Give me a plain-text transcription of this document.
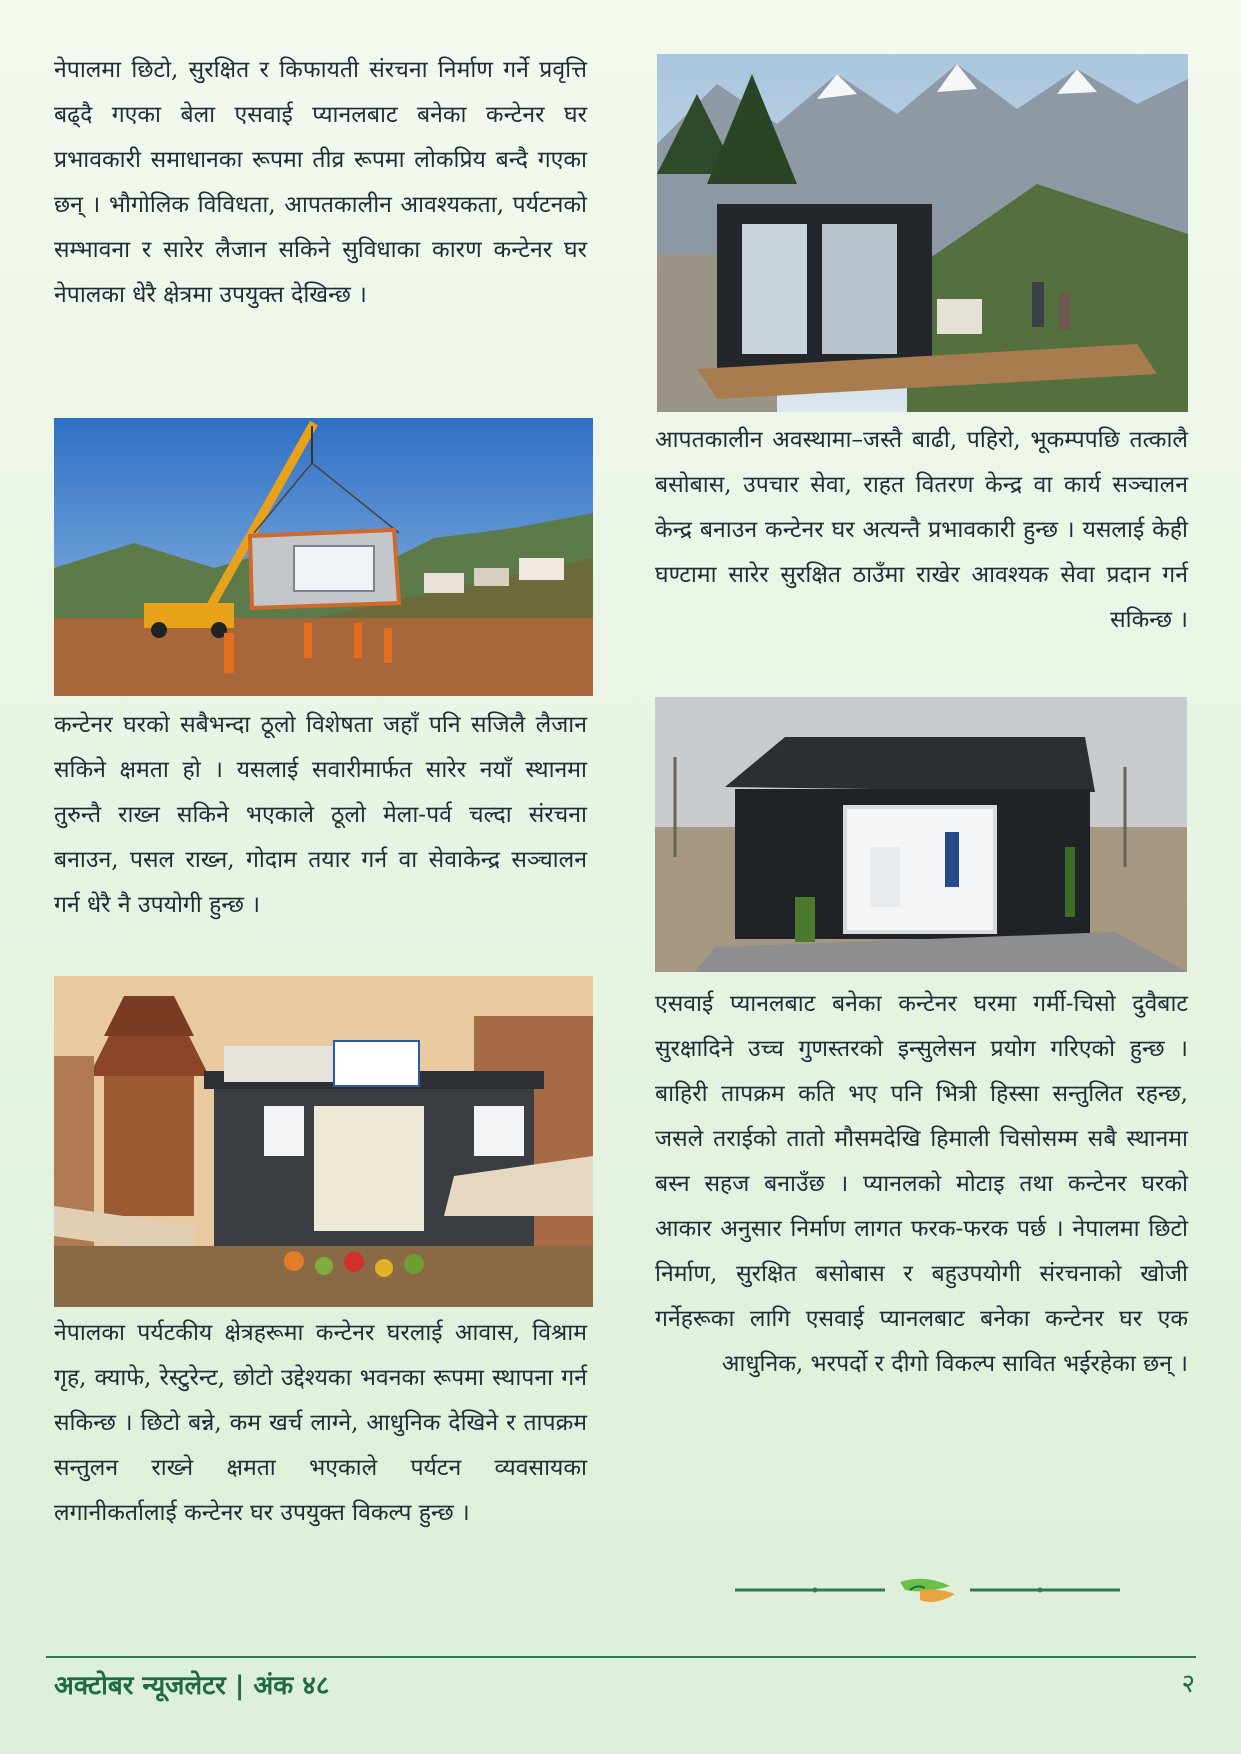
नेपालमा छिटो, सुरक्षित र किफायती संरचना निर्माण गर्ने प्रवृत्ति बढ्दै गएका बेला एसवाई प्यानलबाट बनेका कन्टेनर घर प्रभावकारी समाधानका रूपमा तीव्र रूपमा लोकप्रिय बन्दै गएका छन् । भौगोलिक विविधता, आपतकालीन आवश्यकता, पर्यटनको सम्भावना र सारेर लैजान सकिने सुविधाका कारण कन्टेनर घर नेपालका धेरै क्षेत्रमा उपयुक्त देखिन्छ ।

कन्टेनर घरको सबैभन्दा ठूलो विशेषता जहाँ पनि सजिलै लैजान सकिने क्षमता हो । यसलाई सवारीमार्फत सारेर नयाँ स्थानमा तुरुन्तै राख्न सकिने भएकाले ठूलो मेला-पर्व चल्दा संरचना बनाउन, पसल राख्न, गोदाम तयार गर्न वा सेवाकेन्द्र सञ्चालन गर्न धेरै नै उपयोगी हुन्छ ।

नेपालका पर्यटकीय क्षेत्रहरूमा कन्टेनर घरलाई आवास, विश्राम गृह, क्याफे, रेस्टुरेन्ट, छोटो उद्देश्यका भवनका रूपमा स्थापना गर्न सकिन्छ । छिटो बन्ने, कम खर्च लाग्ने, आधुनिक देखिने र तापक्रम सन्तुलन राख्ने क्षमता भएकाले पर्यटन व्यवसायका लगानीकर्तालाई कन्टेनर घर उपयुक्त विकल्प हुन्छ ।

आपतकालीन अवस्थामा–जस्तै बाढी, पहिरो, भूकम्पपछि तत्कालै बसोबास, उपचार सेवा, राहत वितरण केन्द्र वा कार्य सञ्चालन केन्द्र बनाउन कन्टेनर घर अत्यन्तै प्रभावकारी हुन्छ । यसलाई केही घण्टामा सारेर सुरक्षित ठाउँमा राखेर आवश्यक सेवा प्रदान गर्न सकिन्छ ।

एसवाई प्यानलबाट बनेका कन्टेनर घरमा गर्मी-चिसो दुवैबाट सुरक्षादिने उच्च गुणस्तरको इन्सुलेसन प्रयोग गरिएको हुन्छ । बाहिरी तापक्रम कति भए पनि भित्री हिस्सा सन्तुलित रहन्छ, जसले तराईको तातो मौसमदेखि हिमाली चिसोसम्म सबै स्थानमा बस्न सहज बनाउँछ । प्यानलको मोटाइ तथा कन्टेनर घरको आकार अनुसार निर्माण लागत फरक-फरक पर्छ । नेपालमा छिटो निर्माण, सुरक्षित बसोबास र बहुउपयोगी संरचनाको खोजी गर्नेहरूका लागि एसवाई प्यानलबाट बनेका कन्टेनर घर एक आधुनिक, भरपर्दो र दीगो विकल्प सावित भईरहेका छन् ।

अक्टोबर न्यूजलेटर | अंक ४८	२
